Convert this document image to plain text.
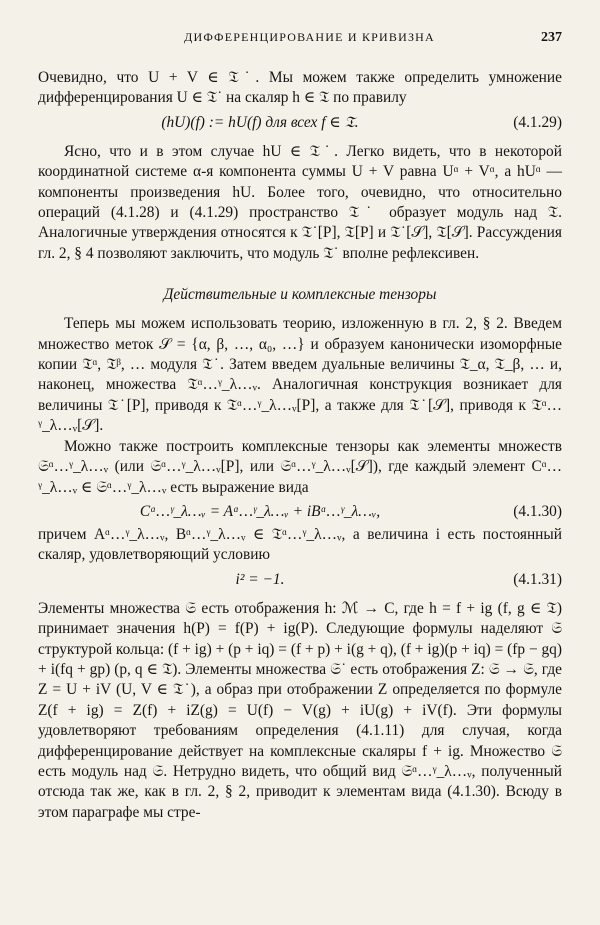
ДИФФЕРЕНЦИРОВАНИЕ И КРИВИЗНА	237

Очевидно, что U + V ∈ 𝔗˙. Мы можем также определить умножение дифференцирования U ∈ 𝔗˙ на скаляр h ∈ 𝔗 по правилу

(hU)(f) := hU(f) для всех f ∈ 𝔗.	(4.1.29)

Ясно, что и в этом случае hU ∈ 𝔗˙. Легко видеть, что в некоторой координатной системе α-я компонента суммы U + V равна Uᵅ + Vᵅ, а hUᵅ — компоненты произведения hU. Более того, очевидно, что относительно операций (4.1.28) и (4.1.29) пространство 𝔗˙ образует модуль над 𝔗. Аналогичные утверждения относятся к 𝔗˙[P], 𝔗[P] и 𝔗˙[𝒮], 𝔗[𝒮]. Рассуждения гл. 2, § 4 позволяют заключить, что модуль 𝔗˙ вполне рефлексивен.

Действительные и комплексные тензоры

Теперь мы можем использовать теорию, изложенную в гл. 2, § 2. Введем множество меток 𝒮 = {α, β, …, α₀, …} и образуем канонически изоморфные копии 𝔗ᵅ, 𝔗ᵝ, … модуля 𝔗˙. Затем введем дуальные величины 𝔗_α, 𝔗_β, … и, наконец, множества 𝔗ᵅ…ᵞ_λ…ᵥ. Аналогичная конструкция возникает для величины 𝔗˙[P], приводя к 𝔗ᵅ…ᵞ_λ…ᵥ[P], а также для 𝔗˙[𝒮], приводя к 𝔗ᵅ…ᵞ_λ…ᵥ[𝒮].

Можно также построить комплексные тензоры как элементы множеств 𝔖ᵅ…ᵞ_λ…ᵥ (или 𝔖ᵅ…ᵞ_λ…ᵥ[P], или 𝔖ᵅ…ᵞ_λ…ᵥ[𝒮]), где каждый элемент Cᵅ…ᵞ_λ…ᵥ ∈ 𝔖ᵅ…ᵞ_λ…ᵥ есть выражение вида

Cᵅ…ᵞ_λ…ᵥ = Aᵅ…ᵞ_λ…ᵥ + iBᵅ…ᵞ_λ…ᵥ,	(4.1.30)

причем Aᵅ…ᵞ_λ…ᵥ, Bᵅ…ᵞ_λ…ᵥ ∈ 𝔗ᵅ…ᵞ_λ…ᵥ, а величина i есть постоянный скаляр, удовлетворяющий условию

i² = −1.	(4.1.31)

Элементы множества 𝔖 есть отображения h: ℳ → C, где h = f + ig (f, g ∈ 𝔗) принимает значения h(P) = f(P) + ig(P). Следующие формулы наделяют 𝔖 структурой кольца: (f + ig) + (p + iq) = (f + p) + i(g + q), (f + ig)(p + iq) = (fp − gq) + i(fq + gp) (p, q ∈ 𝔗). Элементы множества 𝔖˙ есть отображения Z: 𝔖 → 𝔖, где Z = U + iV (U, V ∈ 𝔗˙), а образ при отображении Z определяется по формуле Z(f + ig) = Z(f) + iZ(g) = U(f) − V(g) + iU(g) + iV(f). Эти формулы удовлетворяют требованиям определения (4.1.11) для случая, когда дифференцирование действует на комплексные скаляры f + ig. Множество 𝔖 есть модуль над 𝔖. Нетрудно видеть, что общий вид 𝔖ᵅ…ᵞ_λ…ᵥ, полученный отсюда так же, как в гл. 2, § 2, приводит к элементам вида (4.1.30). Всюду в этом параграфе мы стре-
